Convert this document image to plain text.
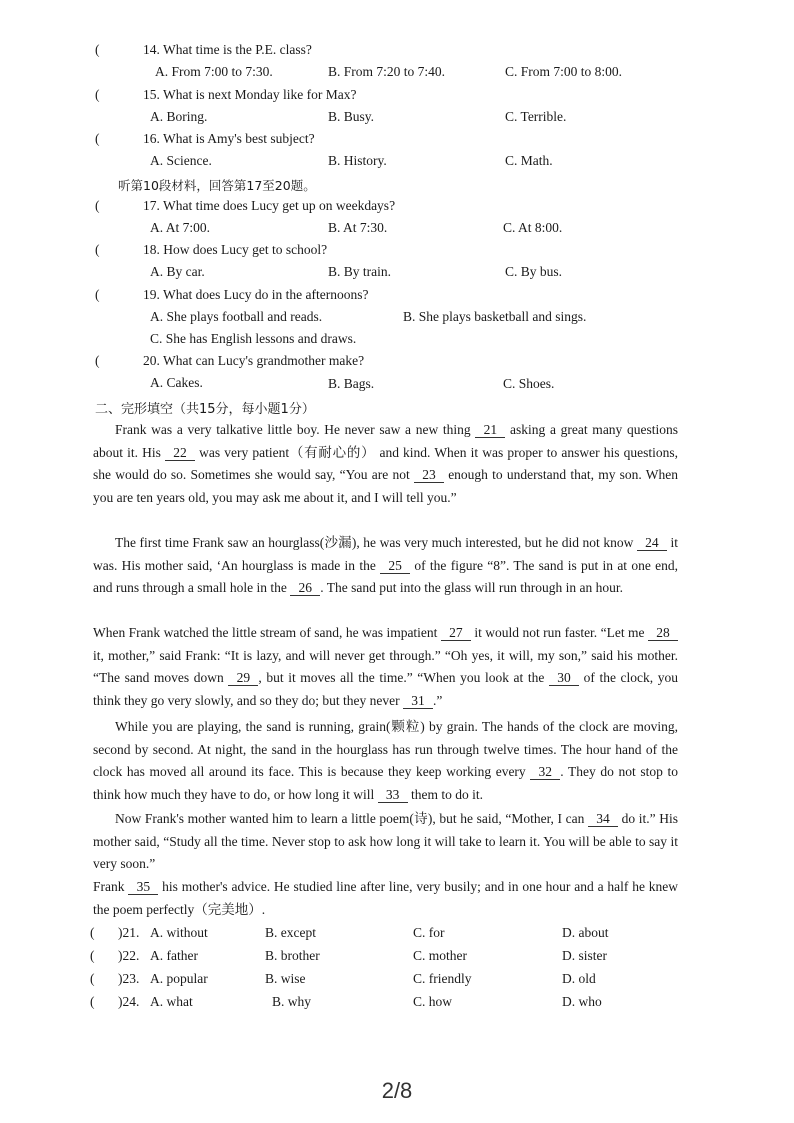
(	14. What time is the P.E. class?
A. From 7:00 to 7:30.	B. From 7:20 to 7:40.	C. From 7:00 to 8:00.
(	15. What is next Monday like for Max?
A. Boring.	B. Busy.	C. Terrible.
(	16. What is Amy's best subject?
A. Science.	B. History.	C. Math.
听第10段材料，回答第17至20题。
(	17. What time does Lucy get up on weekdays?
A. At 7:00.	B. At 7:30.	C. At 8:00.
(	18. How does Lucy get to school?
A. By car.	B. By train.	C. By bus.
(	19. What does Lucy do in the afternoons?
A. She plays football and reads.	B. She plays basketball and sings.
C. She has English lessons and draws.
(	20. What can Lucy's grandmother make?
A. Cakes.	B. Bags.	C. Shoes.
二、完形填空（共15分，每小题1分）
Frank was a very talkative little boy. He never saw a new thing 21 asking a great many questions about it. His 22 was very patient（有耐心的） and kind. When it was proper to answer his questions, she would do so. Sometimes she would say, “You are not 23 enough to understand that, my son. When you are ten years old, you may ask me about it, and I will tell you.”
The first time Frank saw an hourglass(沙漏), he was very much interested, but he did not know 24 it was. His mother said, ‘An hourglass is made in the 25 of the figure “8”. The sand is put in at one end, and runs through a small hole in the 26 . The sand put into the glass will run through in an hour.
When Frank watched the little stream of sand, he was impatient 27 it would not run faster. “Let me 28 it, mother,” said Frank: “It is lazy, and will never get through.” “Oh yes, it will, my son,” said his mother. “The sand moves down 29 , but it moves all the time.” “When you look at the 30 of the clock, you think they go very slowly, and so they do; but they never 31 .”
While you are playing, the sand is running, grain(颗粒) by grain. The hands of the clock are moving, second by second. At night, the sand in the hourglass has run through twelve times. The hour hand of the clock has moved all around its face. This is because they keep working every 32 . They do not stop to think how much they have to do, or how long it will 33 them to do it.
Now Frank's mother wanted him to learn a little poem(诗), but he said, “Mother, I can 34 do it.” His mother said, “Study all the time. Never stop to ask how long it will take to learn it. You will be able to say it very soon.”
Frank 35 his mother's advice. He studied line after line, very busily; and in one hour and a half he knew the poem perfectly（完美地）.
( )21. A. without	B. except	C. for	D. about
( )22. A. father	B. brother	C. mother	D. sister
( )23. A. popular	B. wise	C. friendly	D. old
( )24. A. what	B. why	C. how	D. who
2/8
